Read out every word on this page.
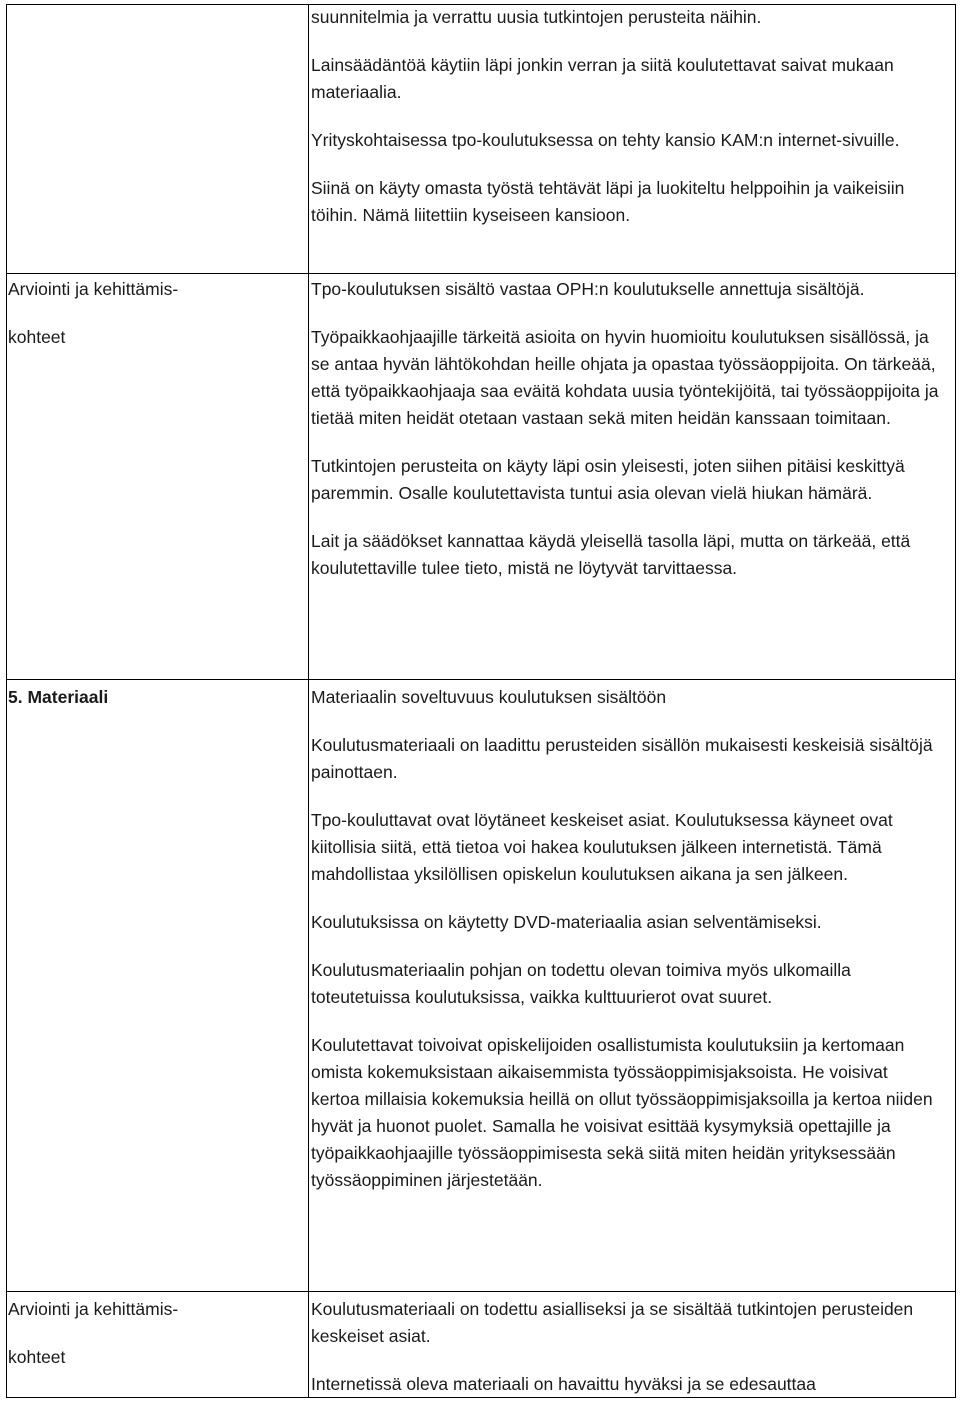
suunnitelmia ja verrattu uusia tutkintojen perusteita näihin.

Lainsäädäntöä käytiin läpi jonkin verran ja siitä koulutettavat saivat mukaan materiaalia.

Yrityskohtaisessa tpo-koulutuksessa on tehty kansio KAM:n internet-sivuille.

Siinä on käyty omasta työstä tehtävät läpi ja luokiteltu helppoihin ja vaikeisiin töihin. Nämä liitettiin kyseiseen kansioon.

Arviointi ja kehittämis-
kohteet

Tpo-koulutuksen sisältö vastaa OPH:n koulutukselle annettuja sisältöjä.

Työpaikkaohjaajille tärkeitä asioita on hyvin huomioitu koulutuksen sisällössä, ja se antaa hyvän lähtökohdan heille ohjata ja opastaa työssäoppijoita. On tärkeää, että työpaikkaohjaaja saa eväitä kohdata uusia työntekijöitä, tai työssäoppijoita ja tietää miten heidät otetaan vastaan sekä miten heidän kanssaan toimitaan.

Tutkintojen perusteita on käyty läpi osin yleisesti, joten siihen pitäisi keskittyä paremmin. Osalle koulutettavista tuntui asia olevan vielä hiukan hämärä.

Lait ja säädökset kannattaa käydä yleisellä tasolla läpi, mutta on tärkeää, että koulutettaville tulee tieto, mistä ne löytyvät tarvittaessa.

5. Materiaali	Materiaalin soveltuvuus koulutuksen sisältöön

Koulutusmateriaali on laadittu perusteiden sisällön mukaisesti keskeisiä sisältöjä painottaen.

Tpo-kouluttavat ovat löytäneet keskeiset asiat. Koulutuksessa käyneet ovat kiitollisia siitä, että tietoa voi hakea koulutuksen jälkeen internetistä. Tämä mahdollistaa yksilöllisen opiskelun koulutuksen aikana ja sen jälkeen.

Koulutuksissa on käytetty DVD-materiaalia asian selventämiseksi.

Koulutusmateriaalin pohjan on todettu olevan toimiva myös ulkomailla toteutetuissa koulutuksissa, vaikka kulttuurierot ovat suuret.

Koulutettavat toivoivat opiskelijoiden osallistumista koulutuksiin ja kertomaan omista kokemuksistaan aikaisemmista työssäoppimisjaksoista. He voisivat kertoa millaisia kokemuksia heillä on ollut työssäoppimisjaksoilla ja kertoa niiden hyvät ja huonot puolet. Samalla he voisivat esittää kysymyksiä opettajille ja työpaikkaohjaajille työssäoppimisesta sekä siitä miten heidän yrityksessään työssäoppiminen järjestetään.

Arviointi ja kehittämis-
kohteet

Koulutusmateriaali on todettu asialliseksi ja se sisältää tutkintojen perusteiden keskeiset asiat.

Internetissä oleva materiaali on havaittu hyväksi ja se edesauttaa
